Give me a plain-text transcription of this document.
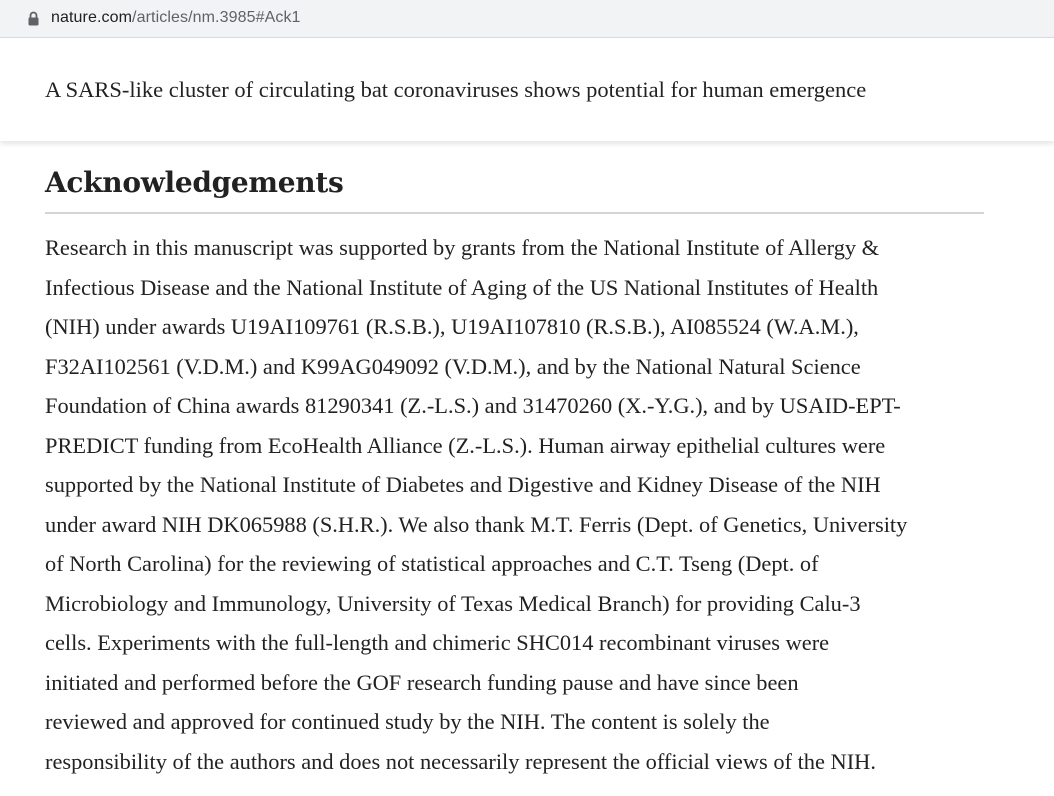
nature.com/articles/nm.3985#Ack1
A SARS-like cluster of circulating bat coronaviruses shows potential for human emergence
Acknowledgements

Research in this manuscript was supported by grants from the National Institute of Allergy &
Infectious Disease and the National Institute of Aging of the US National Institutes of Health
(NIH) under awards U19AI109761 (R.S.B.), U19AI107810 (R.S.B.), AI085524 (W.A.M.),
F32AI102561 (V.D.M.) and K99AG049092 (V.D.M.), and by the National Natural Science
Foundation of China awards 81290341 (Z.-L.S.) and 31470260 (X.-Y.G.), and by USAID-EPT-
PREDICT funding from EcoHealth Alliance (Z.-L.S.). Human airway epithelial cultures were
supported by the National Institute of Diabetes and Digestive and Kidney Disease of the NIH
under award NIH DK065988 (S.H.R.). We also thank M.T. Ferris (Dept. of Genetics, University
of North Carolina) for the reviewing of statistical approaches and C.T. Tseng (Dept. of
Microbiology and Immunology, University of Texas Medical Branch) for providing Calu-3
cells. Experiments with the full-length and chimeric SHC014 recombinant viruses were
initiated and performed before the GOF research funding pause and have since been
reviewed and approved for continued study by the NIH. The content is solely the
responsibility of the authors and does not necessarily represent the official views of the NIH.
